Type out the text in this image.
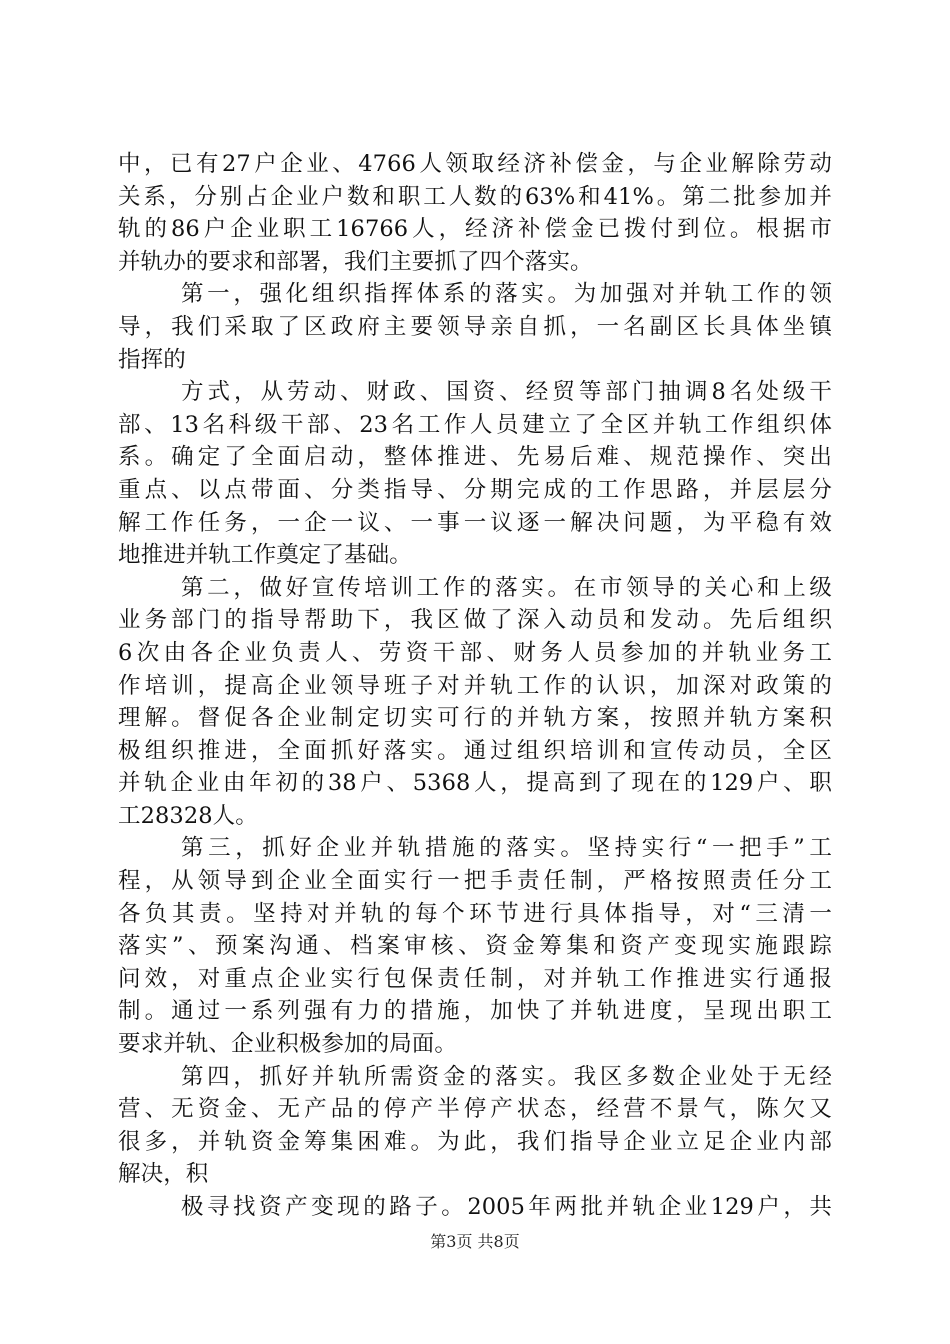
中，已有27户企业、4766人领取经济补偿金，与企业解除劳动
关系，分别占企业户数和职工人数的63%和41%。第二批参加并
轨的86户企业职工16766人，经济补偿金已拨付到位。根据市
并轨办的要求和部署，我们主要抓了四个落实。
第一，强化组织指挥体系的落实。为加强对并轨工作的领
导，我们采取了区政府主要领导亲自抓，一名副区长具体坐镇
指挥的
方式，从劳动、财政、国资、经贸等部门抽调8名处级干
部、13名科级干部、23名工作人员建立了全区并轨工作组织体
系。确定了全面启动，整体推进、先易后难、规范操作、突出
重点、以点带面、分类指导、分期完成的工作思路，并层层分
解工作任务，一企一议、一事一议逐一解决问题，为平稳有效
地推进并轨工作奠定了基础。
第二，做好宣传培训工作的落实。在市领导的关心和上级
业务部门的指导帮助下，我区做了深入动员和发动。先后组织
6次由各企业负责人、劳资干部、财务人员参加的并轨业务工
作培训，提高企业领导班子对并轨工作的认识，加深对政策的
理解。督促各企业制定切实可行的并轨方案，按照并轨方案积
极组织推进，全面抓好落实。通过组织培训和宣传动员，全区
并轨企业由年初的38户、5368人，提高到了现在的129户、职
工28328人。
第三，抓好企业并轨措施的落实。坚持实行“一把手”工
程，从领导到企业全面实行一把手责任制，严格按照责任分工
各负其责。坚持对并轨的每个环节进行具体指导，对“三清一
落实”、预案沟通、档案审核、资金筹集和资产变现实施跟踪
问效，对重点企业实行包保责任制，对并轨工作推进实行通报
制。通过一系列强有力的措施，加快了并轨进度，呈现出职工
要求并轨、企业积极参加的局面。
第四，抓好并轨所需资金的落实。我区多数企业处于无经
营、无资金、无产品的停产半停产状态，经营不景气，陈欠又
很多，并轨资金筹集困难。为此，我们指导企业立足企业内部
解决，积
极寻找资产变现的路子。2005年两批并轨企业129户，共
第3页 共8页
